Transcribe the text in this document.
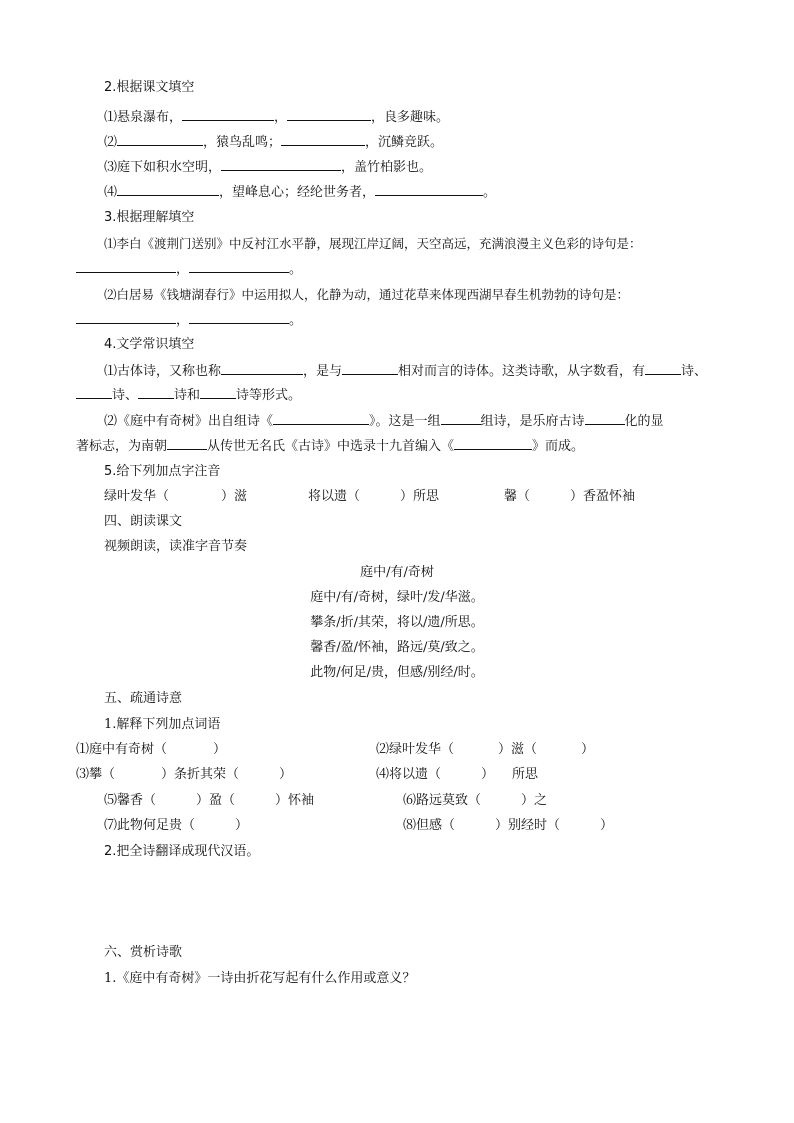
2.根据课文填空
⑴悬泉瀑布，	，	，良多趣味。
⑵	，猿鸟乱鸣；	，沉鳞竞跃。
⑶庭下如积水空明，	，盖竹柏影也。
⑷	，望峰息心；经纶世务者，	。
3.根据理解填空
⑴李白《渡荆门送别》中反衬江水平静，展现江岸辽阔，天空高远，充满浪漫主义色彩的诗句是：
，	。
⑵白居易《钱塘湖春行》中运用拟人，化静为动，通过花草来体现西湖早春生机勃勃的诗句是：
，	。
4.文学常识填空
⑴古体诗，又称也称	，是与	相对而言的诗体。这类诗歌，从字数看，有	诗、
诗、	诗和	诗等形式。
⑵《庭中有奇树》出自组诗《	》。这是一组	组诗，是乐府古诗	化的显
著标志，为南朝	从传世无名氏《古诗》中选录十九首编入《	》而成。
5.给下列加点字注音
绿叶发华（	）滋	将以遗（	）所思	馨（	）香盈怀袖
四、朗读课文
视频朗读，读准字音节奏
庭中/有/奇树
庭中/有/奇树，绿叶/发/华滋。
攀条/折/其荣，将以/遗/所思。
馨香/盈/怀袖，路远/莫/致之。
此物/何足/贵，但感/别经/时。
五、疏通诗意
1.解释下列加点词语
⑴庭中有奇树（	）	⑵绿叶发华（	）滋（	）
⑶攀（	）条折其荣（	）	⑷将以遗（	） 所思
⑸馨香（	）盈（	）怀袖	⑹路远莫致（	）之
⑺此物何足贵（	）	⑻但感（	）别经时（	）
2.把全诗翻译成现代汉语。
六、赏析诗歌
1.《庭中有奇树》一诗由折花写起有什么作用或意义？
